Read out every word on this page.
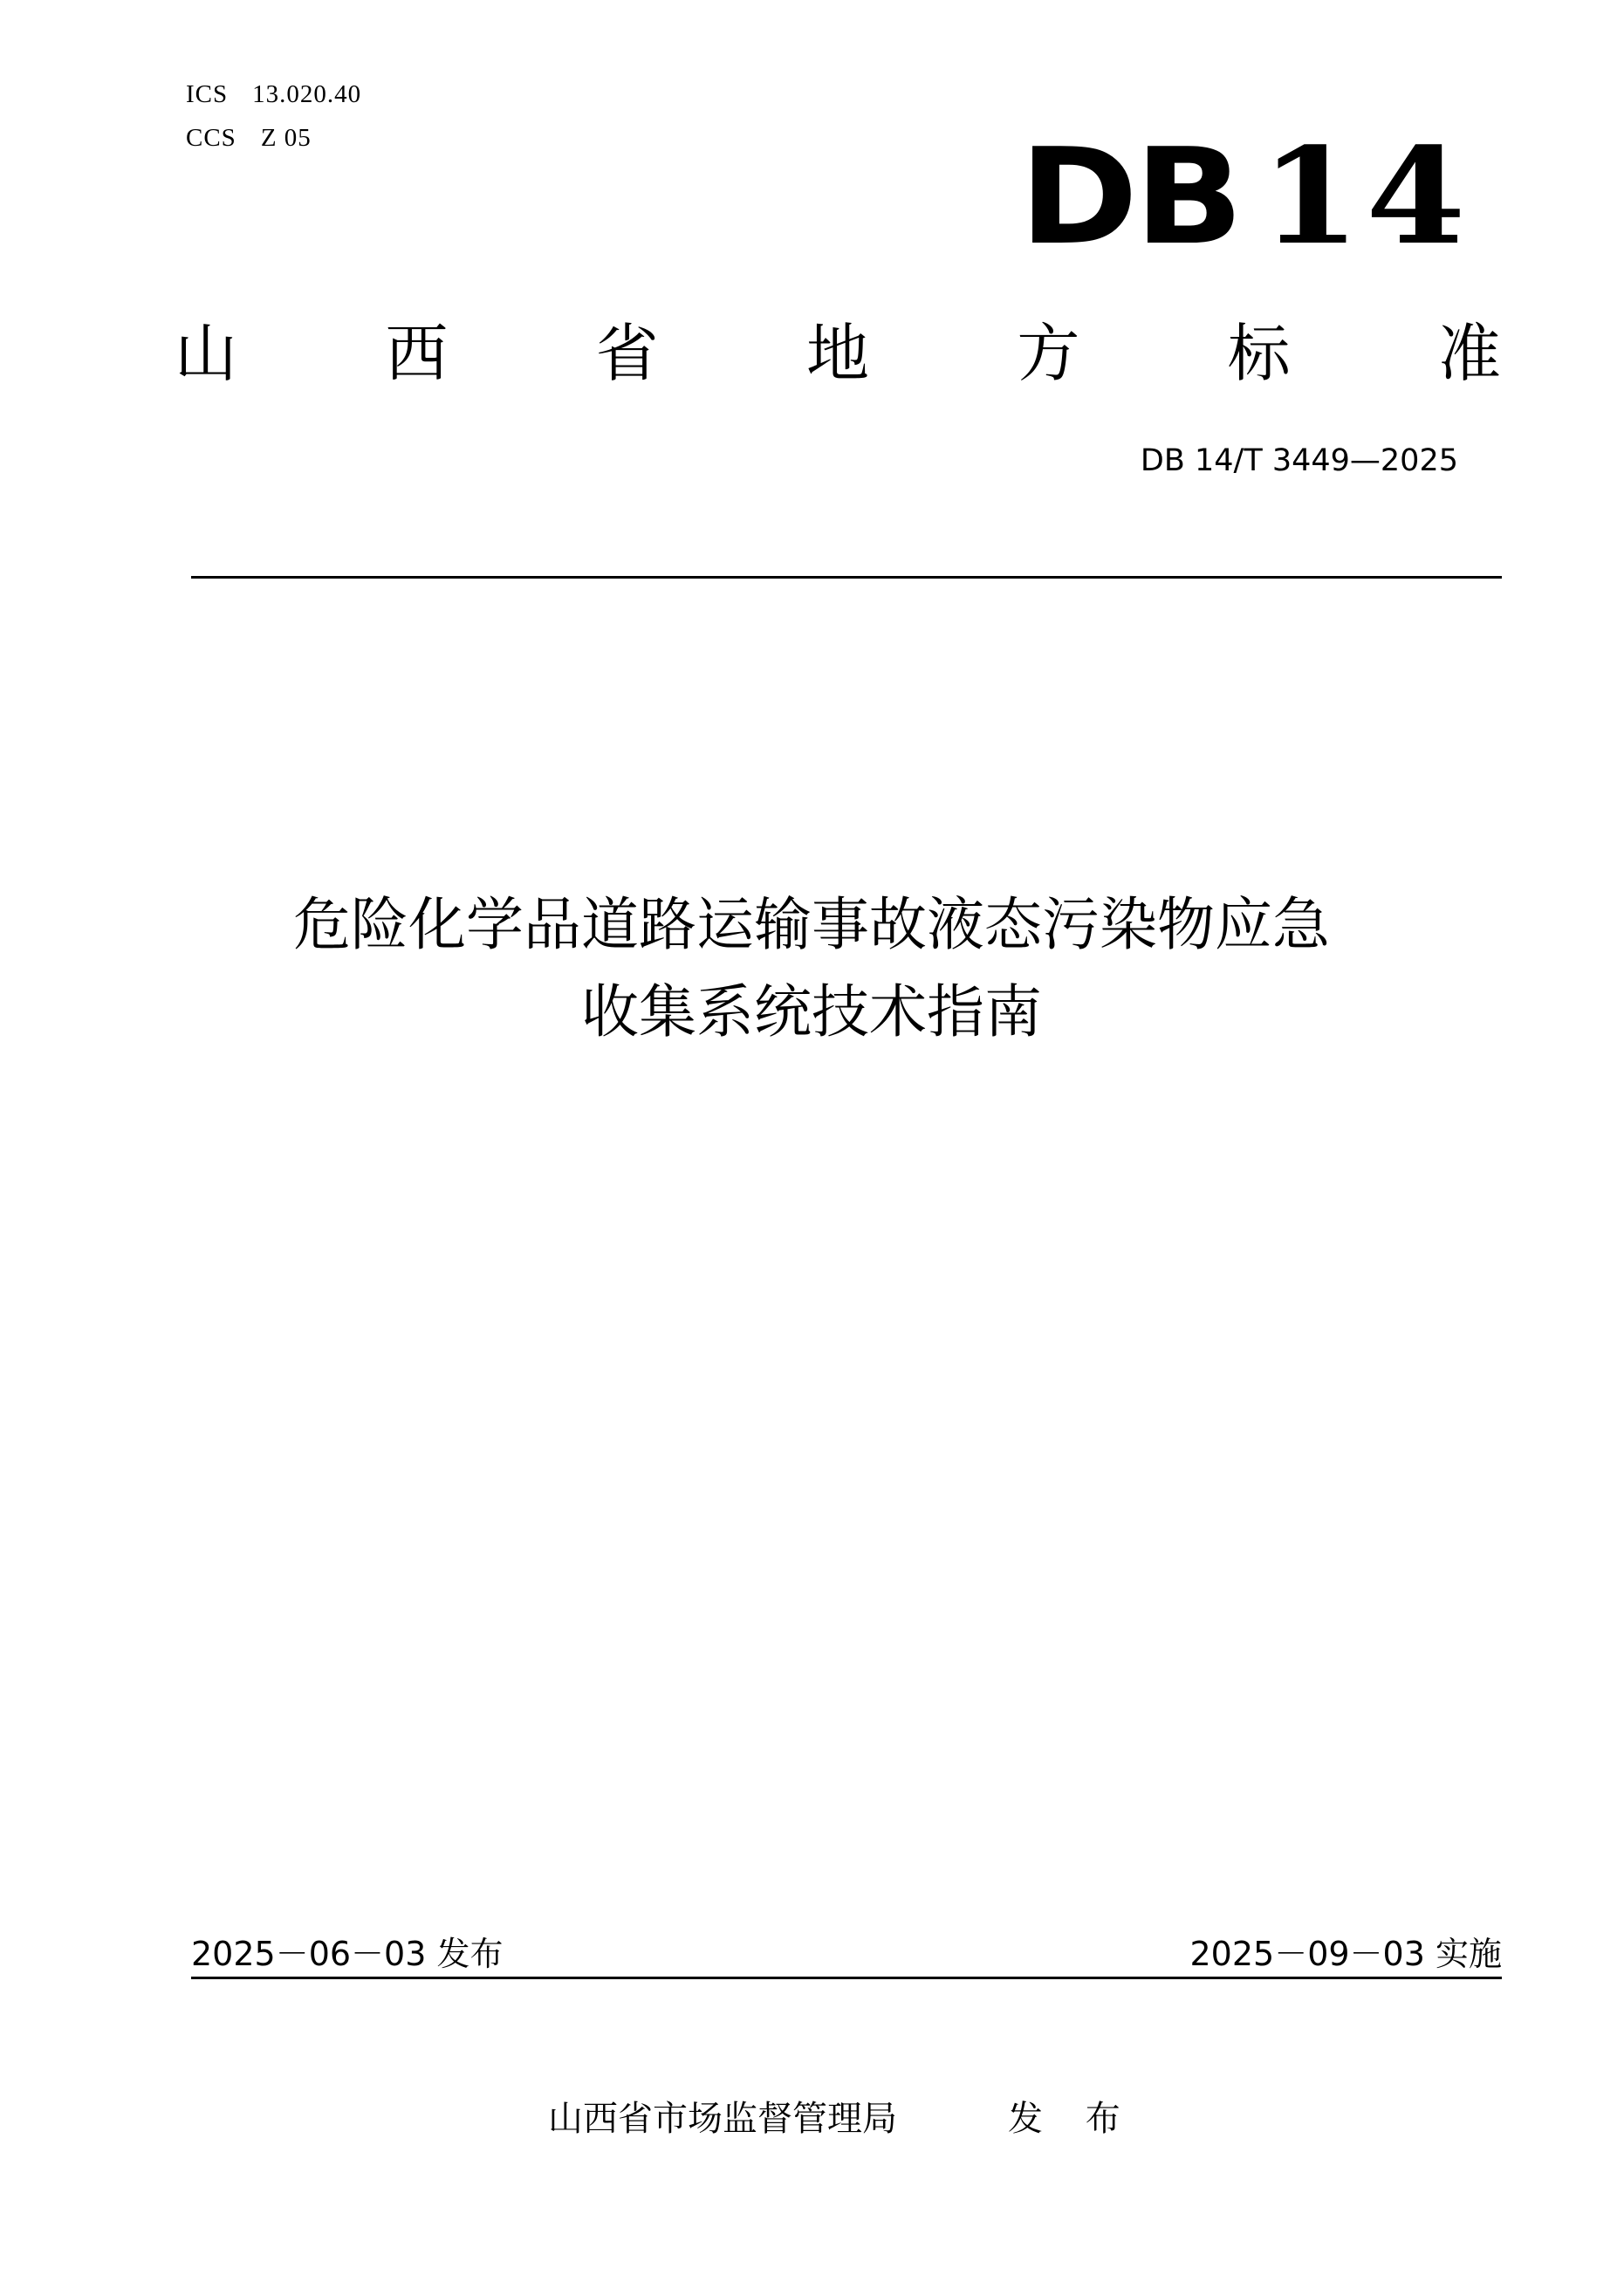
ICS 13.020.40
CCS Z 05	DB 14
山 西 省 地 方 标 准
DB 14/T 3449—2025
危险化学品道路运输事故液态污染物应急
收集系统技术指南
2025－06－03 发布	2025－09－03 实施
山西省市场监督管理局	发 布
